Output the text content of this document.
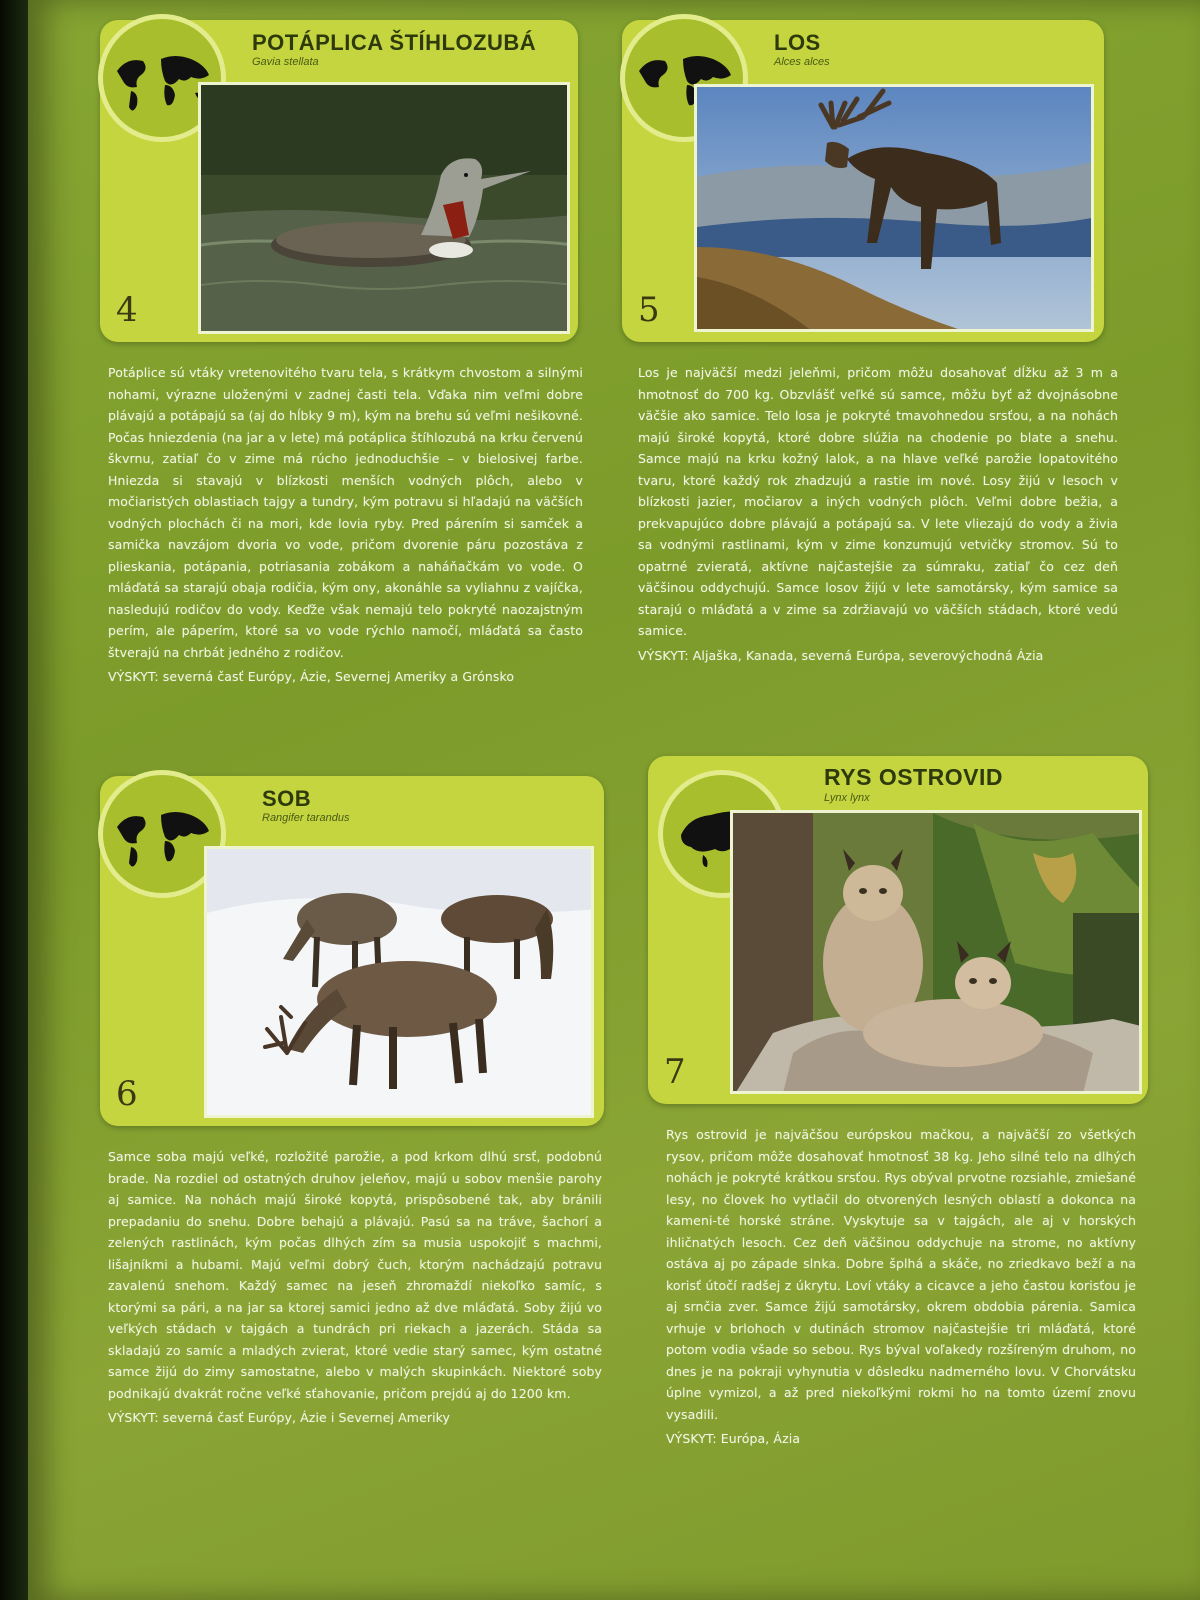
POTÁPLICA ŠTÍHLOZUBÁ
Gavia stellata
4
Potáplice sú vtáky vretenovitého tvaru tela, s krátkym chvostom a silnými nohami, výrazne uloženými v zadnej časti tela. Vďaka nim veľmi dobre plávajú a potápajú sa (aj do hĺbky 9 m), kým na brehu sú veľmi nešikovné. Počas hniezdenia (na jar a v lete) má potáplica štíhlozubá na krku červenú škvrnu, zatiaľ čo v zime má rúcho jednoduchšie – v bielosivej farbe. Hniezda si stavajú v blízkosti menších vodných plôch, alebo v močiaristých oblastiach tajgy a tundry, kým potravu si hľadajú na väčších vodných plochách či na mori, kde lovia ryby. Pred párením si samček a samička navzájom dvoria vo vode, pričom dvorenie páru pozostáva z plieskania, potápania, potriasania zobákom a naháňačkám vo vode. O mláďatá sa starajú obaja rodičia, kým ony, akonáhle sa vyliahnu z vajíčka, nasledujú rodičov do vody. Keďže však nemajú telo pokryté naozajstným perím, ale páperím, ktoré sa vo vode rýchlo namočí, mláďatá sa často štverajú na chrbát jedného z rodičov.
VÝSKYT: severná časť Európy, Ázie, Severnej Ameriky a Grónsko
LOS
Alces alces
5
Los je najväčší medzi jeleňmi, pričom môžu dosahovať dĺžku až 3 m a hmotnosť do 700 kg. Obzvlášť veľké sú samce, môžu byť až dvojnásobne väčšie ako samice. Telo losa je pokryté tmavohnedou srsťou, a na nohách majú široké kopytá, ktoré dobre slúžia na chodenie po blate a snehu. Samce majú na krku kožný lalok, a na hlave veľké parožie lopatovitého tvaru, ktoré každý rok zhadzujú a rastie im nové. Losy žijú v lesoch v blízkosti jazier, močiarov a iných vodných plôch. Veľmi dobre bežia, a prekvapujúco dobre plávajú a potápajú sa. V lete vliezajú do vody a živia sa vodnými rastlinami, kým v zime konzumujú vetvičky stromov. Sú to opatrné zvieratá, aktívne najčastejšie za súmraku, zatiaľ čo cez deň väčšinou oddychujú. Samce losov žijú v lete samotársky, kým samice sa starajú o mláďatá a v zime sa zdržiavajú vo väčších stádach, ktoré vedú samice.
VÝSKYT: Aljaška, Kanada, severná Európa, severovýchodná Ázia
SOB
Rangifer tarandus
6
Samce soba majú veľké, rozložité parožie, a pod krkom dlhú srsť, podobnú brade. Na rozdiel od ostatných druhov jeleňov, majú u sobov menšie parohy aj samice. Na nohách majú široké kopytá, prispôsobené tak, aby bránili prepadaniu do snehu. Dobre behajú a plávajú. Pasú sa na tráve, šachorí a zelených rastlinách, kým počas dlhých zím sa musia uspokojiť s machmi, lišajníkmi a hubami. Majú veľmi dobrý čuch, ktorým nachádzajú potravu zavalenú snehom. Každý samec na jeseň zhromaždí niekoľko samíc, s ktorými sa pári, a na jar sa ktorej samici jedno až dve mláďatá. Soby žijú vo veľkých stádach v tajgách a tundrách pri riekach a jazerách. Stáda sa skladajú zo samíc a mladých zvierat, ktoré vedie starý samec, kým ostatné samce žijú do zimy samostatne, alebo v malých skupinkách. Niektoré soby podnikajú dvakrát ročne veľké sťahovanie, pričom prejdú aj do 1200 km.
VÝSKYT: severná časť Európy, Ázie i Severnej Ameriky
RYS OSTROVID
Lynx lynx
7
Rys ostrovid je najväčšou európskou mačkou, a najväčší zo všetkých rysov, pričom môže dosahovať hmotnosť 38 kg. Jeho silné telo na dlhých nohách je pokryté krátkou srsťou. Rys obýval prvotne rozsiahle, zmiešané lesy, no človek ho vytlačil do otvorených lesných oblastí a dokonca na kameni-té horské stráne. Vyskytuje sa v tajgách, ale aj v horských ihličnatých lesoch. Cez deň väčšinou oddychuje na strome, no aktívny ostáva aj po západe slnka. Dobre šplhá a skáče, no zriedkavo beží a na korisť útočí radšej z úkrytu. Loví vtáky a cicavce a jeho častou korisťou je aj srnčia zver. Samce žijú samotársky, okrem obdobia párenia. Samica vrhuje v brlohoch v dutinách stromov najčastejšie tri mláďatá, ktoré potom vodia všade so sebou. Rys býval voľakedy rozšíreným druhom, no dnes je na pokraji vyhynutia v dôsledku nadmerného lovu. V Chorvátsku úplne vymizol, a až pred niekoľkými rokmi ho na tomto území znovu vysadili.
VÝSKYT: Európa, Ázia
